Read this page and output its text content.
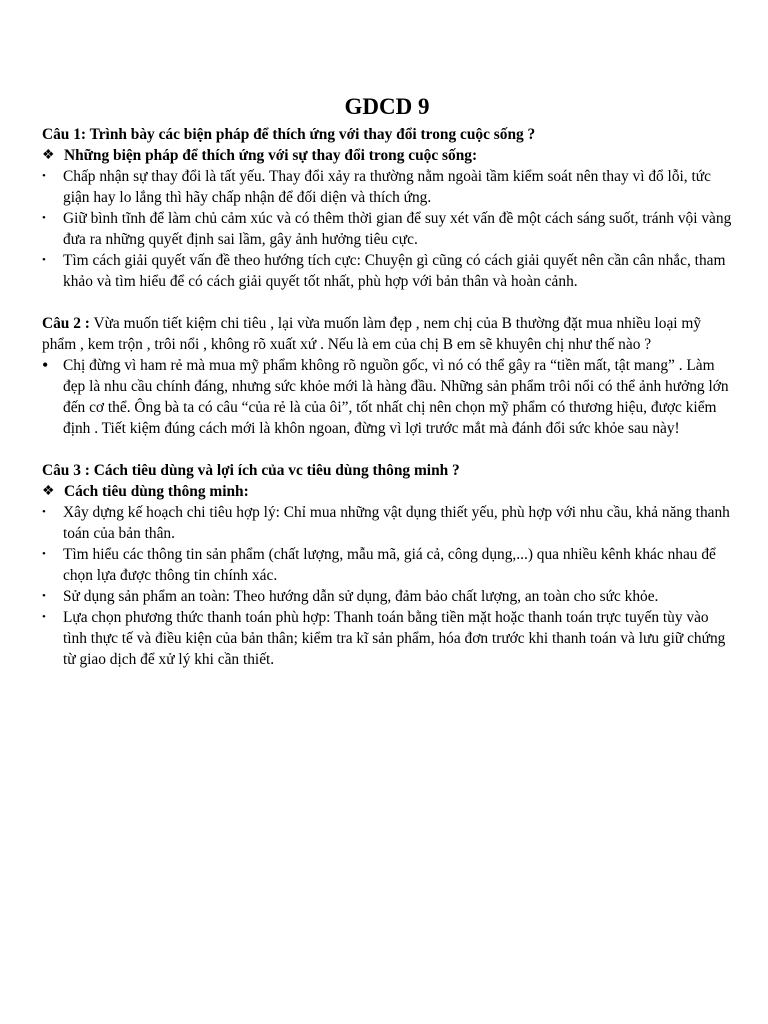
GDCD 9

Câu 1: Trình bày các biện pháp để thích ứng với thay đổi trong cuộc sống ?

❖ Những biện pháp để thích ứng với sự thay đổi trong cuộc sống:
•	Chấp nhận sự thay đổi là tất yếu. Thay đổi xảy ra thường nằm ngoài tầm kiểm soát nên thay vì đổ lỗi, tức giận hay lo lắng thì hãy chấp nhận để đối diện và thích ứng.
•	Giữ bình tĩnh để làm chủ cảm xúc và có thêm thời gian để suy xét vấn đề một cách sáng suốt, tránh vội vàng đưa ra những quyết định sai lầm, gây ảnh hưởng tiêu cực.
•	Tìm cách giải quyết vấn đề theo hướng tích cực: Chuyện gì cũng có cách giải quyết nên cần cân nhắc, tham khảo và tìm hiểu để có cách giải quyết tốt nhất, phù hợp với bản thân và hoàn cảnh.

Câu 2 : Vừa muốn tiết kiệm chi tiêu , lại vừa muốn làm đẹp , nem chị của B thường đặt mua nhiều loại mỹ phẩm , kem trộn , trôi nổi , không rõ xuất xứ . Nếu là em của chị B em sẽ khuyên chị như thế nào ?

• Chị đừng vì ham rẻ mà mua mỹ phẩm không rõ nguồn gốc, vì nó có thể gây ra “tiền mất, tật mang” . Làm đẹp là nhu cầu chính đáng, nhưng sức khỏe mới là hàng đầu. Những sản phẩm trôi nổi có thể ảnh hưởng lớn đến cơ thể. Ông bà ta có câu “của rẻ là của ôi”, tốt nhất chị nên chọn mỹ phẩm có thương hiệu, được kiểm định . Tiết kiệm đúng cách mới là khôn ngoan, đừng vì lợi trước mắt mà đánh đổi sức khỏe sau này!

Câu 3 : Cách tiêu dùng và lợi ích của vc tiêu dùng thông minh ?

❖ Cách tiêu dùng thông minh:
•	Xây dựng kế hoạch chi tiêu hợp lý: Chỉ mua những vật dụng thiết yếu, phù hợp với nhu cầu, khả năng thanh toán của bản thân.
•	Tìm hiểu các thông tin sản phẩm (chất lượng, mẫu mã, giá cả, công dụng,...) qua nhiều kênh khác nhau để chọn lựa được thông tin chính xác.
•	Sử dụng sản phẩm an toàn: Theo hướng dẫn sử dụng, đảm bảo chất lượng, an toàn cho sức khỏe.
•	Lựa chọn phương thức thanh toán phù hợp: Thanh toán bằng tiền mặt hoặc thanh toán trực tuyến tùy vào tình thực tế và điều kiện của bản thân; kiểm tra kĩ sản phẩm, hóa đơn trước khi thanh toán và lưu giữ chứng từ giao dịch để xử lý khi cần thiết.
